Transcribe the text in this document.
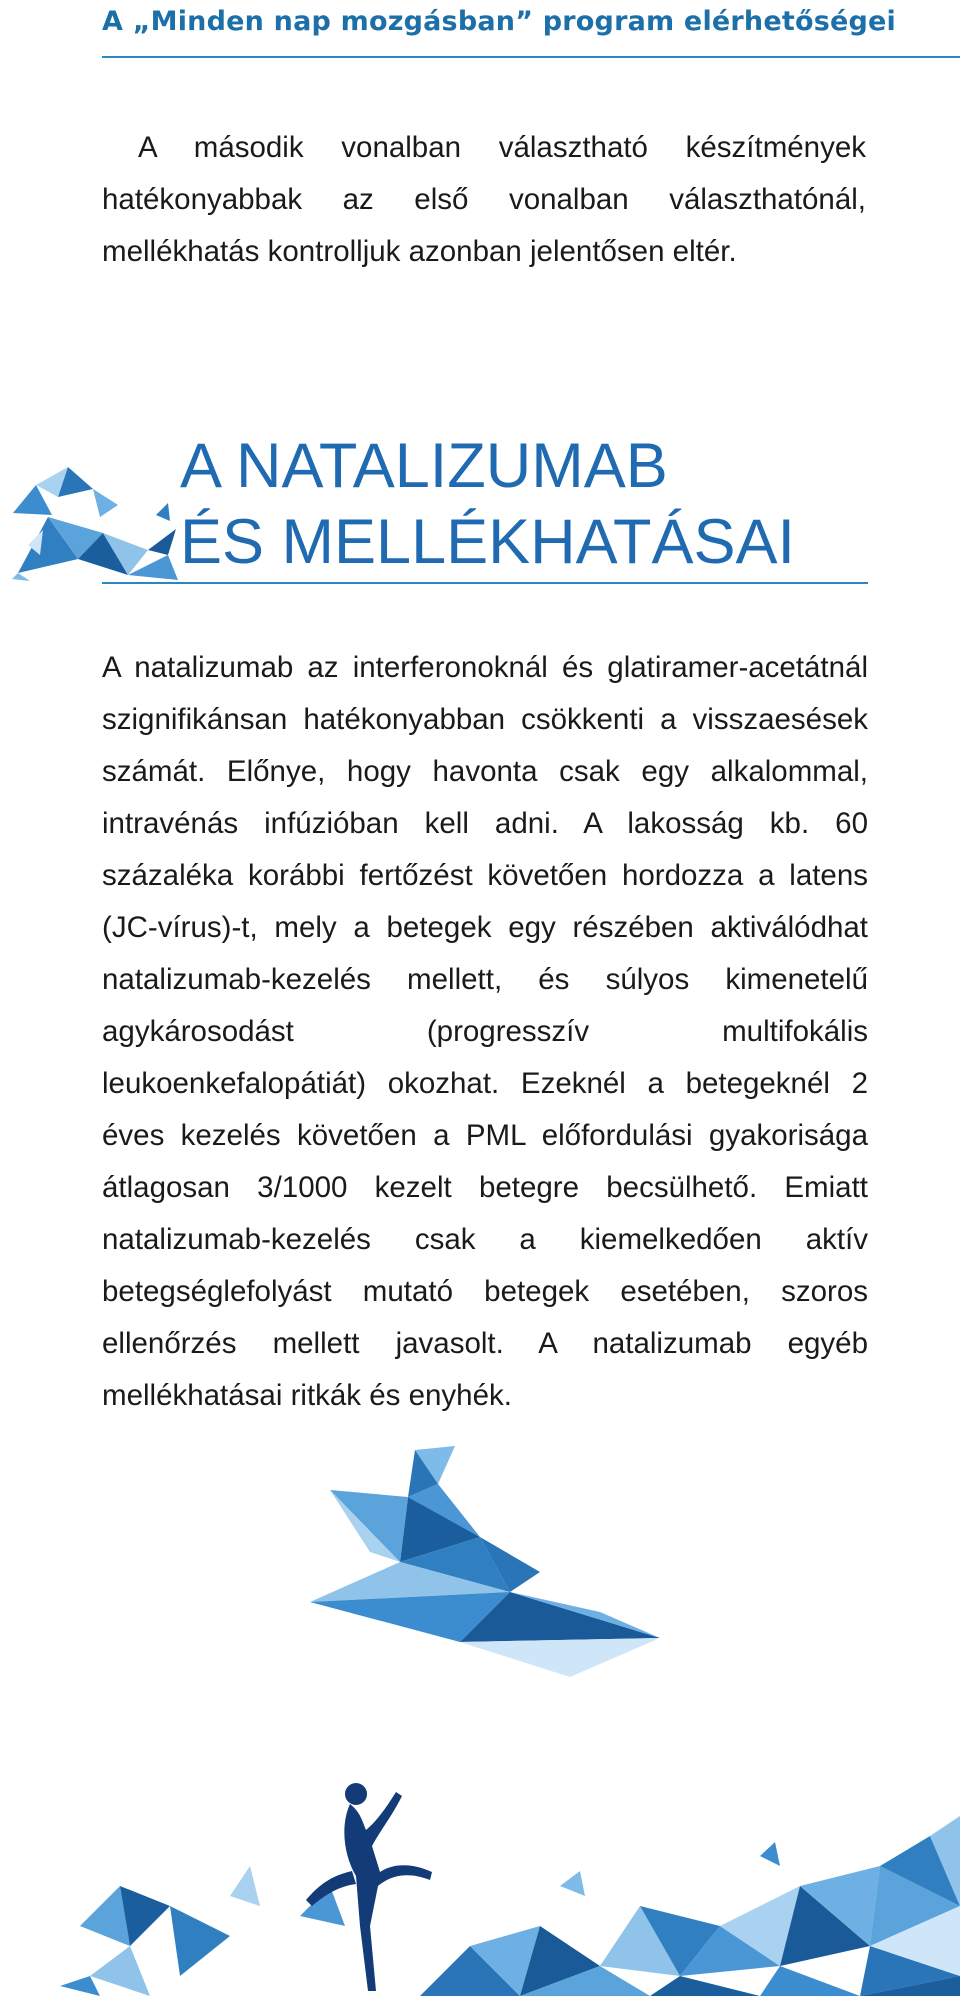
A „Minden nap mozgásban” program elérhetőségei

A második vonalban választható készítmények hatékonyabbak az első vonalban választhatónál, mellékhatás kontrolljuk azonban jelentősen eltér.

A NATALIZUMAB
ÉS MELLÉKHATÁSAI

A natalizumab az interferonoknál és glatiramer-acetátnál szignifikánsan hatékonyabban csökkenti a visszaesések számát. Előnye, hogy havonta csak egy alkalommal, intravénás infúzióban kell adni. A lakosság kb. 60 százaléka korábbi fertőzést követően hordozza a latens (JC-vírus)-t, mely a betegek egy részében aktiválódhat natalizumab-kezelés mellett, és súlyos kimenetelű agykárosodást (progresszív multifokális leukoenkefalopátiát) okozhat. Ezeknél a betegeknél 2 éves kezelés követően a PML előfordulási gyakorisága átlagosan 3/1000 kezelt betegre becsülhető. Emiatt natalizumab-kezelés csak a kiemelkedően aktív betegséglefolyást mutató betegek esetében, szoros ellenőrzés mellett javasolt. A natalizumab egyéb mellékhatásai ritkák és enyhék.
